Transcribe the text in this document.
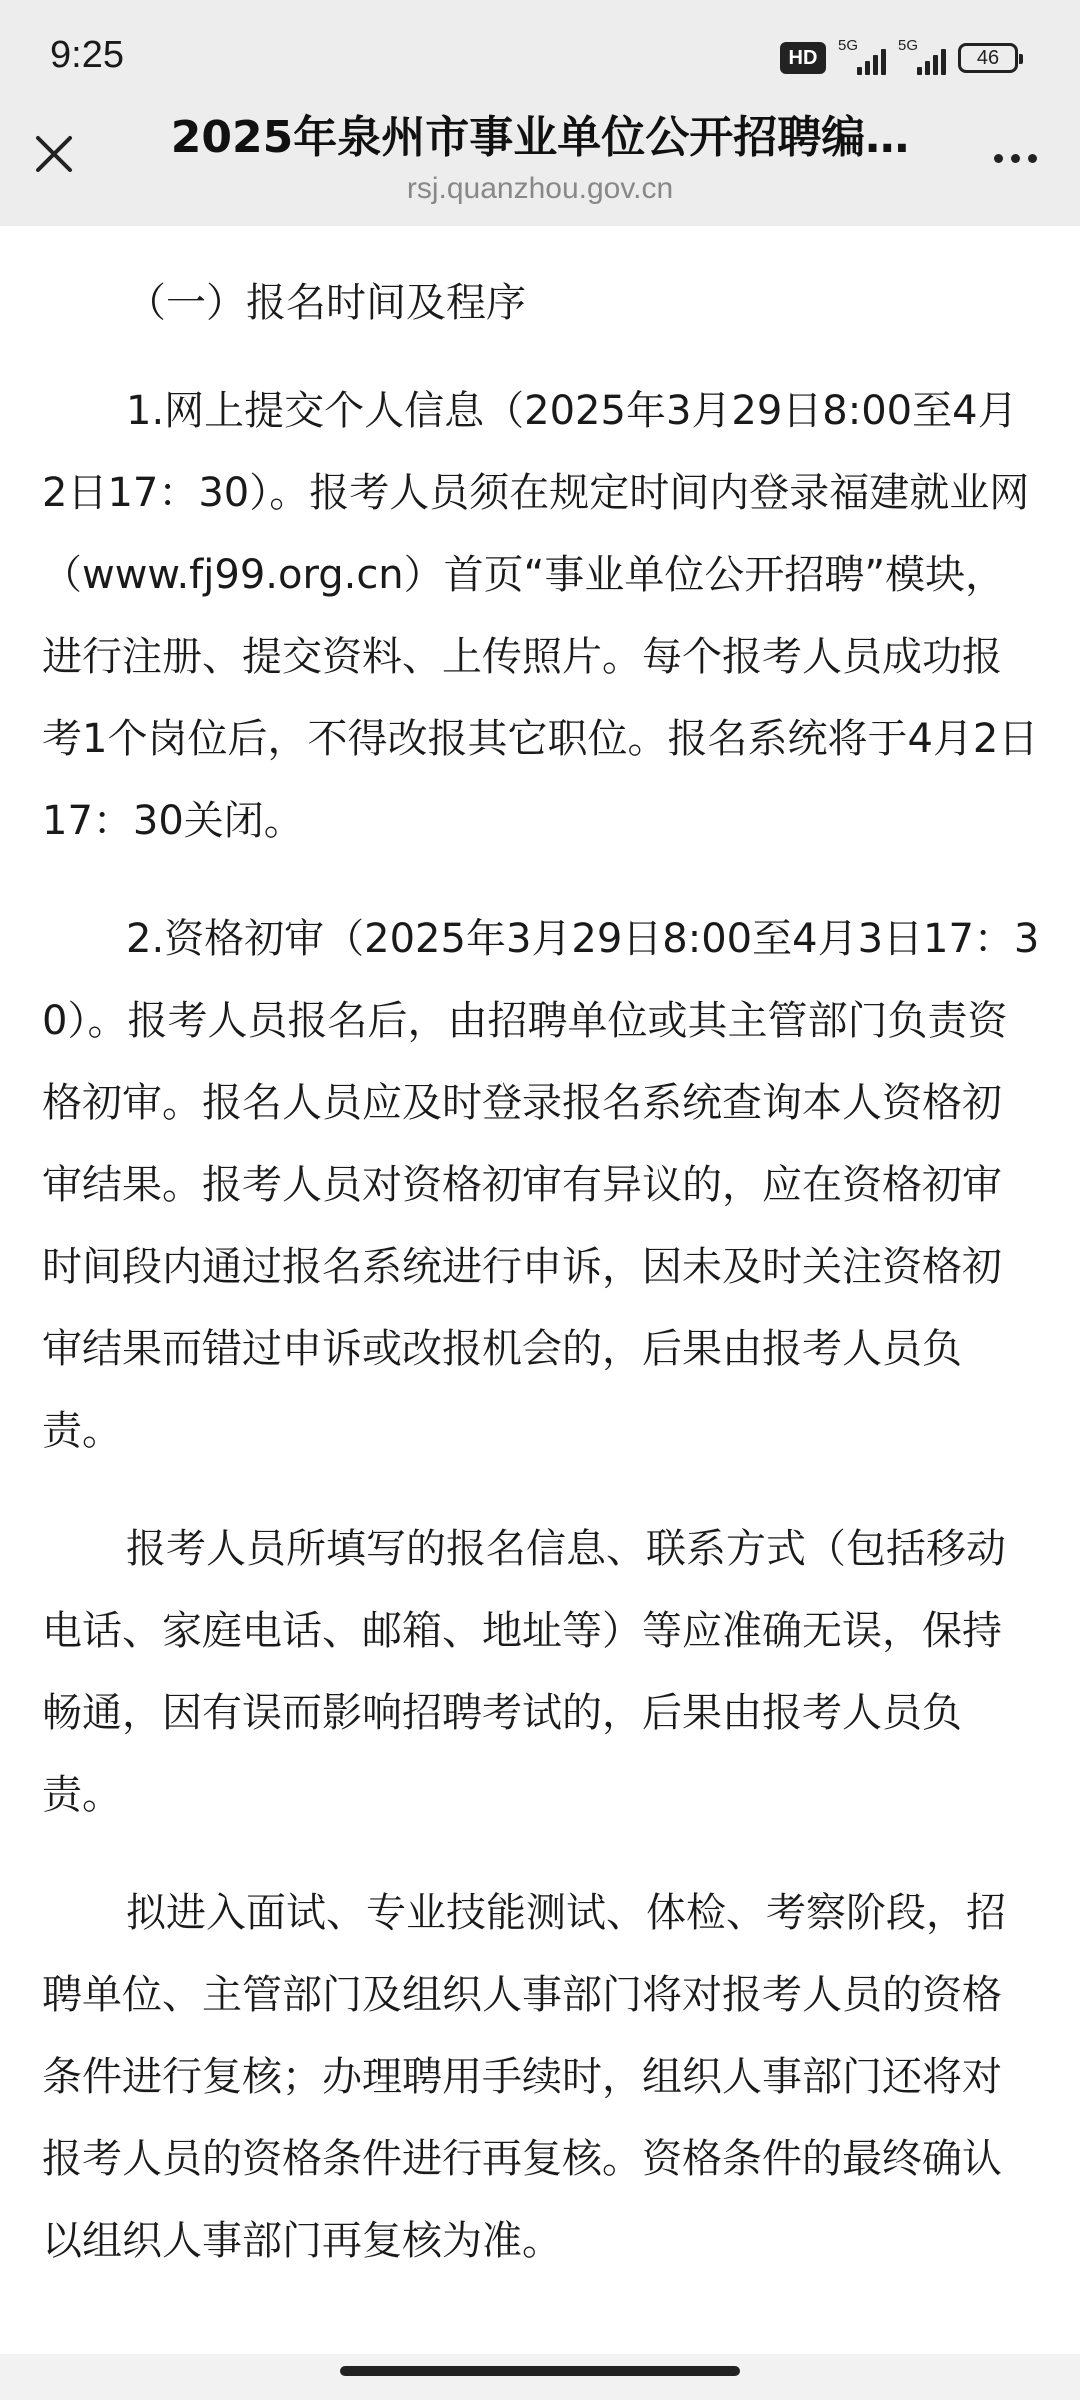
9:25	HD
5G	5G
46
2025年泉州市事业单位公开招聘编…
rsj.quanzhou.gov.cn
（一）报名时间及程序

1.网上提交个人信息（2025年3月29日8:00至4月2日17：30）。报考人员须在规定时间内登录福建就业网（www.fj99.org.cn）首页“事业单位公开招聘”模块，进行注册、提交资料、上传照片。每个报考人员成功报考1个岗位后，不得改报其它职位。报名系统将于4月2日17：30关闭。

2.资格初审（2025年3月29日8:00至4月3日17：30）。报考人员报名后，由招聘单位或其主管部门负责资格初审。报名人员应及时登录报名系统查询本人资格初审结果。报考人员对资格初审有异议的，应在资格初审时间段内通过报名系统进行申诉，因未及时关注资格初审结果而错过申诉或改报机会的，后果由报考人员负责。

报考人员所填写的报名信息、联系方式（包括移动电话、家庭电话、邮箱、地址等）等应准确无误，保持畅通，因有误而影响招聘考试的，后果由报考人员负责。

拟进入面试、专业技能测试、体检、考察阶段，招聘单位、主管部门及组织人事部门将对报考人员的资格条件进行复核；办理聘用手续时，组织人事部门还将对报考人员的资格条件进行再复核。资格条件的最终确认以组织人事部门再复核为准。
